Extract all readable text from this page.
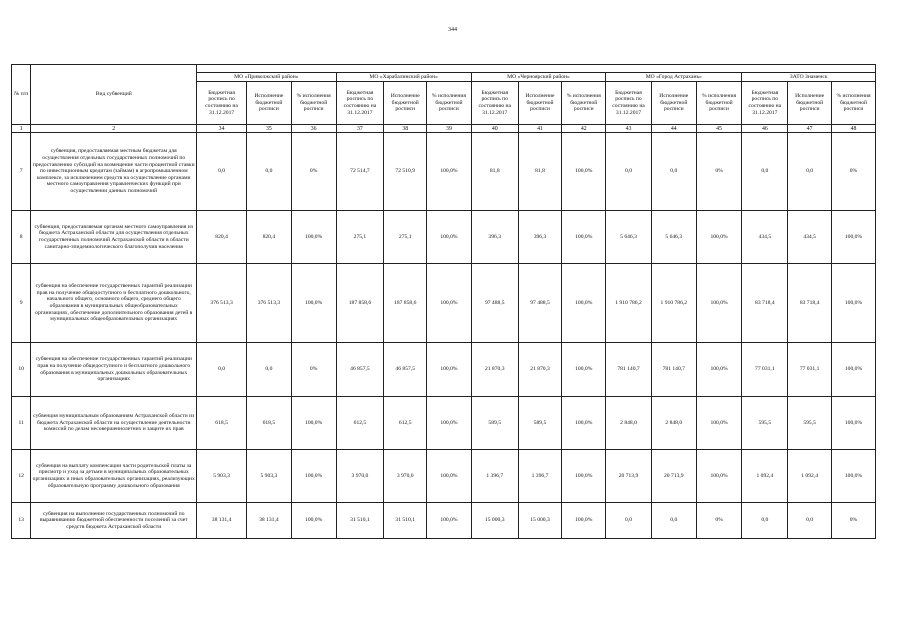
344
№ п/п	Вид субвенций															
		МО «Приволжский район»			МО «Харабалинский район»			МО «Черноярский район»			МО «Город Астрахань»			ЗАТО Знаменск		
		Бюджетная роспись по состоянию на 31.12.2017	Исполнение бюджетной росписи	% исполнения бюджетной росписи	Бюджетная роспись по состоянию на 31.12.2017	Исполнение бюджетной росписи	% исполнения бюджетной росписи	Бюджетная роспись по состоянию на 31.12.2017	Исполнение бюджетной росписи	% исполнения бюджетной росписи	Бюджетная роспись по состоянию на 31.12.2017	Исполнение бюджетной росписи	% исполнения бюджетной росписи	Бюджетная роспись по состоянию на 31.12.2017	Исполнение бюджетной росписи	% исполнения бюджетной росписи
1	2	34	35	36	37	38	39	40	41	42	43	44	45	46	47	48
7	субвенция, предоставляемая местным бюджетам для осуществления отдельных государственных полномочий по предоставлению субсидий на возмещение части процентной ставки по инвестиционным кредитам (займам) в агропромышленном комплексе, за исключением средств на осуществление органами местного самоуправления управленческих функций при осуществлении данных полномочий	0,0	0,0	0%	72 514,7	72 510,9	100,0%	81,8	81,8	100,0%	0,0	0,0	0%	0,0	0,0	0%
8	субвенция, предоставляемая органам местного самоуправления из бюджета Астраханской области для осуществления отдельных государственных полномочий Астраханской области в области санитарно-эпидемиологического благополучия населения	820,4	820,4	100,0%	275,1	275,1	100,0%	396,3	396,3	100,0%	5 646,3	5 646,3	100,0%	434,5	434,5	100,0%
9	субвенция на обеспечение государственных гарантий реализации прав на получение общедоступного и бесплатного дошкольного, начального общего, основного общего, среднего общего образования в муниципальных общеобразовательных организациях, обеспечение дополнительного образования детей в муниципальных общеобразовательных организациях	376 513,3	376 513,3	100,0%	187 858,6	187 858,6	100,0%	97 488,5	97 488,5	100,0%	1 910 786,2	1 910 786,2	100,0%	83 718,4	83 718,4	100,0%
10	субвенция на обеспечение государственных гарантий реализации прав на получение общедоступного и бесплатного дошкольного образования в муниципальных дошкольных образовательных организациях	0,0	0,0	0%	46 857,5	46 857,5	100,0%	21 870,3	21 870,3	100,0%	781 140,7	781 140,7	100,0%	77 031,1	77 031,1	100,0%
11	субвенция муниципальным образованиям Астраханской области из бюджета Астраханской области на осуществление деятельности комиссий по делам несовершеннолетних и защите их прав	618,5	618,5	100,0%	612,5	612,5	100,0%	589,5	589,5	100,0%	2 848,0	2 848,0	100,0%	595,5	595,5	100,0%
12	субвенция на выплату компенсации части родительской платы за присмотр и уход за детьми в муниципальных образовательных организациях и иных образовательных организациях, реализующих образовательную программу дошкольного образования	5 903,3	5 903,3	100,0%	3 970,0	3 970,0	100,0%	1 396,7	1 396,7	100,0%	20 713,9	20 713,9	100,0%	1 092,4	1 092,4	100,0%
13	субвенция на выполнение государственных полномочий по выравниванию бюджетной обеспеченности поселений за счет средств бюджета Астраханской области	38 131,4	38 131,4	100,0%	31 510,1	31 510,1	100,0%	15 000,3	15 000,3	100,0%	0,0	0,0	0%	0,0	0,0	0%
